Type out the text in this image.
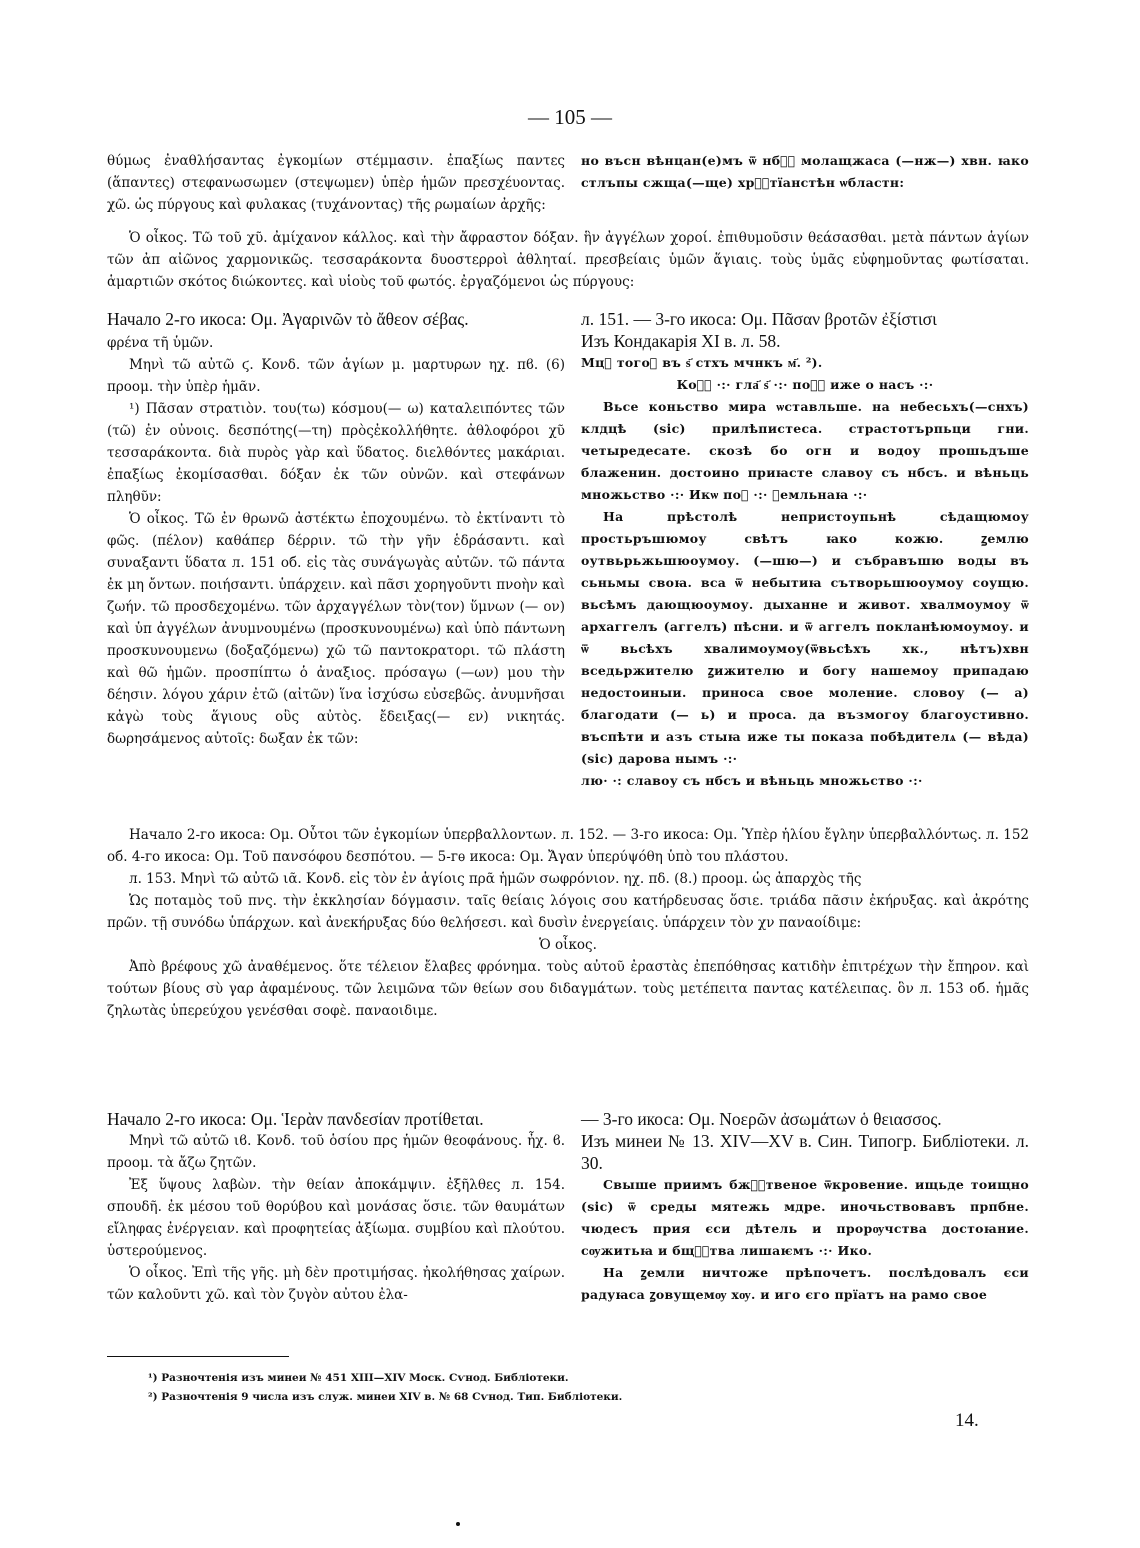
— 105 —

θύμως ἐναθλήσαντας ἐγκομίων στέμμασιν. ἐπαξίως παντες (ἅπαντες) στεφανωσωμεν (στεψωμεν) ὑπὲρ ἡμῶν πρεσχέυοντας. χῶ. ὡς πύργους καὶ φυλακας (τυχάνοντας) τῆς ρωμαίων ἀρχῆς:

но въсн вѣнцан(е)мъ ѿ нбⷭ҇ молащжаса (—нж—) хвн. ꙗко стлъпы сжща(—ще) хрⷭ҇тїанстѣн ѡбластн:

Ὁ οἶκος. Τῶ τοῦ χῦ. ἀμίχανον κάλλος. καὶ τὴν ἄφραστον δόξαν. ἣν ἀγγέλων χοροί. ἐπιθυμοῦσιν θεάσασθαι. μετὰ πάντων ἁγίων τῶν ἀπ αἰῶνος χαρμονικῶς. τεσσαράκοντα δυοστερροὶ ἀθληταί. πρεσβείαις ὑμῶν ἅγιαις. τοὺς ὑμᾶς εὐφημοῦντας φωτίσαται. ἁμαρτιῶν σκότος διώκοντες. καὶ υἱοὺς τοῦ φωτός. ἐργαζόμενοι ὡς πύργους:

Начало 2-го икоса: Ομ. Ἀγαρινῶν τὸ ἄθεον σέβας.

φρένα τῆ ὑμῶν.

Μηνὶ τῶ αὐτῶ ϛ. Κονδ. τῶν ἁγίων μ. μαρτυρων ηχ. πϐ. (6) προομ. τὴν ὑπὲρ ἡμᾶν.

¹) Πᾶσαν στρατιὸν. του(τω) κόσμου(— ω) καταλειπόντες τῶν (τῶ) ἐν οὐνοις. δεσπότης(—τη) πρὸςἐκολλήθητε. ἀθλοφόροι χῦ τεσσαράκοντα. διὰ πυρὸς γὰρ καὶ ὕδατος. διελθόντες μακάριαι. ἐπαξίως ἐκομίσασθαι. δόξαν ἐκ τῶν οὐνῶν. καὶ στεφάνων πληθῦν:

Ὁ οἶκος. Τῶ ἐν θρωνῶ ἀστέκτω ἐποχουμένω. τὸ ἐκτίναντι τὸ φῶς. (πέλον) καθάπερ δέρριν. τῶ τὴν γῆν ἑδράσαντι. καὶ συναξαντι ὕδατα л. 151 об. εἰς τὰς συνάγωγὰς αὐτῶν. τῶ πάντα ἐκ μη ὄντων. ποιήσαντι. ὑπάρχειν. καὶ πᾶσι χορηγοῦντι πνοὴν καὶ ζωήν. τῶ προσδεχομένω. τῶν ἀρχαγγέλων τὸν(τον) ὕμνων (— ον) καὶ ὑπ ἀγγέλων ἀνυμνουμένω (προσκυνουμένω) καὶ ὑπὸ πάντωνη προσκυνουμενω (δοξαζόμενω) χῶ τῶ παντοκρατορι. τῶ πλάστη καὶ θῶ ἡμῶν. προσπίπτω ὁ ἀναξιος. πρόσαγω (—ων) μου τὴν δέησιν. λόγου χάριν ἐτῶ (αἰτῶν) ἵνα ἰσχύσω εὐσεβῶς. ἀνυμνῆσαι κἀγὼ τοὺς ἅγιους οὓς αὐτὸς. ἔδειξας(— εν) νικητάς. δωρησάμενος αὐτοῖς: δωξαν ἐκ τῶν:

л. 151. — 3-го икоса: Ομ. Πᾶσαν βροτῶν ἐξίστισι

Изъ Кондакарія XI в. л. 58.

Мцⷶ тогоⷤ въ ѕ҃ стхъ мчнкъ м҃. ²).

Коⷩ҃ ·:· гла҃ ѕ҃ ·:· поⷣ҃ иже о насъ ·:·

Вьсе коньство мира ѡставльше. на небесьхъ(—снхъ) клдцѣ (sic) прилѣпистеса. страстотърпьци гни. четыредесате. скозѣ бо огн и водоу прошьдъше блаженин. достоино приꙗсте славоу съ нбсъ. и вѣньць множьство ·:· Икѡ поⷣ ·:· ꙁемльнаꙗ ·:·

На прѣстолѣ непристоупьнѣ сѣдащюмоу простьръшюмоу свѣтъ ꙗко кожю. ꙁемлю оутвьрьжьшюоумоу. (—шю—) и събравъшю воды въ сьньмы своꙗ. вса ѿ небытиꙗ сътворьшюоумоу соущю. вьсѣмъ дающюоумоу. дыханне и живот. хвалмоумоу ѿ архаггелъ (аггелъ) пѣсни. и ѿ аггелъ покланѣюмоумоу. и ѿ вьсѣхъ хвалимоумоу(ѿвьсѣхъ хк., нѣтъ)хвн вседьржителю ꙁижителю и богу нашемоу припадаю недостоиныи. приноса свое моление. словоу (— а) благодати (— ь) и проса. да възмогоу благоустивно. въспѣти и азъ стыꙗ иже ты показа побѣдителѧ (— вѣда) (sic) дарова нымъ ·:·

лю· ·: славоу съ нбсъ и вѣньць множьство ·:·

Начало 2-го икоса: Ομ. Οὗτοι τῶν ἐγκομίων ὑπερβαλλοντων. л. 152. — 3-го икоса: Ομ. Ὑπὲρ ἡλίου ἔγλην ὑπερβαλλόντως. л. 152 об. 4-го икоса: Ομ. Τοῦ πανσόφου δεσπότου. — 5-гѳ икоса: Ομ. Ἄγαν ὑπερύψόθη ὑπὸ του πλάστου.

л. 153. Μηνὶ τῶ αὐτῶ ιᾶ. Κονδ. εἰς τὸν ἐν ἁγίοις πρᾶ ἡμῶν σωφρόνιον. ηχ. πδ. (8.) προομ. ὡς ἀπαρχὸς τῆς

Ὡς ποταμὸς τοῦ πνς. τὴν ἐκκλησίαν δόγμασιν. ταῖς θείαις λόγοις σου κατήρδευσας ὅσιε. τριάδα πᾶσιν ἐκήρυξας. καὶ ἀκρότης πρῶν. τῇ συνόδω ὑπάρχων. καὶ ἀνεκήρυξας δύο θελήσεσι. καὶ δυσὶν ἐνεργείαις. ὑπάρχειν τὸν χν παναοίδιμε:

Ὁ οἶκος.

Ἀπὸ βρέφους χῶ ἀναθέμενος. ὅτε τέλειον ἔλαβες φρόνημα. τοὺς αὐτοῦ ἐραστὰς ἐπεπόθησας κατιδὴν ἐπιτρέχων τὴν ἔπηρον. καὶ τούτων βίους σὺ γαρ ἀφαμένους. τῶν λειμῶνα τῶν θείων σου διδαγμάτων. τοὺς μετέπειτα παντας κατέλειπας. ὃν л. 153 об. ἡμᾶς ζηλωτὰς ὑπερεύχου γενέσθαι σοφὲ. παναοιδιμε.

Начало 2-го икоса: Ομ. Ἱερὰν πανδεσίαν προτίθεται.

Μηνὶ τῶ αὐτῶ ιϐ. Κονδ. τοῦ ὁσίου πρς ἡμῶν θεοφάνους. ἦχ. ϐ. προομ. τὰ ἄζω ζητῶν.

Ἐξ ὕψους λαβὼν. τὴν θείαν ἀποκάμψιν. ἐξῆλθες л. 154. σπουδῆ. ἐκ μέσου τοῦ θορύβου καὶ μονάσας ὅσιε. τῶν θαυμάτων εἴληφας ἐνέργειαν. καὶ προφητείας ἀξίωμα. συμβίου καὶ πλούτου. ὑστερούμενος.

Ὁ οἶκος. Ἐπὶ τῆς γῆς. μὴ δὲν προτιμήσας. ἠκολήθησας χαίρων. τῶν καλοῦντι χῶ. καὶ τὸν ζυγὸν αὐτου ἐλα-

— 3-го икоса: Ομ. Νοερῶν ἀσωμάτων ὁ θειασσος.

Изъ минеи № 13. XIV—XV в. Син. Типогр. Библіотеки. л. 30.

Свыше приимъ бжⷭ҇твеное ѿкровение. ищьде тоищно (sic) ѿ среды мятежь мдре. иночьствовавъ прпбне. чюдесъ прия єси дѣтель и прорѹчства достоꙗние. сѹжитьꙗ и бщⷭ҇тва лишаѥмъ ·:· Ико.

На ꙁемли ничтоже прѣпочетъ. послѣдовалъ єси радуꙗса ꙁовущемѹ хѹ. и иго єго прїатъ на рамо свое

¹) Разночтенія изъ минеи № 451 XIII—XIV Моск. Сѵнод. Библіотеки.
²) Разночтенія 9 числа изъ служ. минеи XIV в. № 68 Сѵнод. Тип. Библіотеки.
14.
